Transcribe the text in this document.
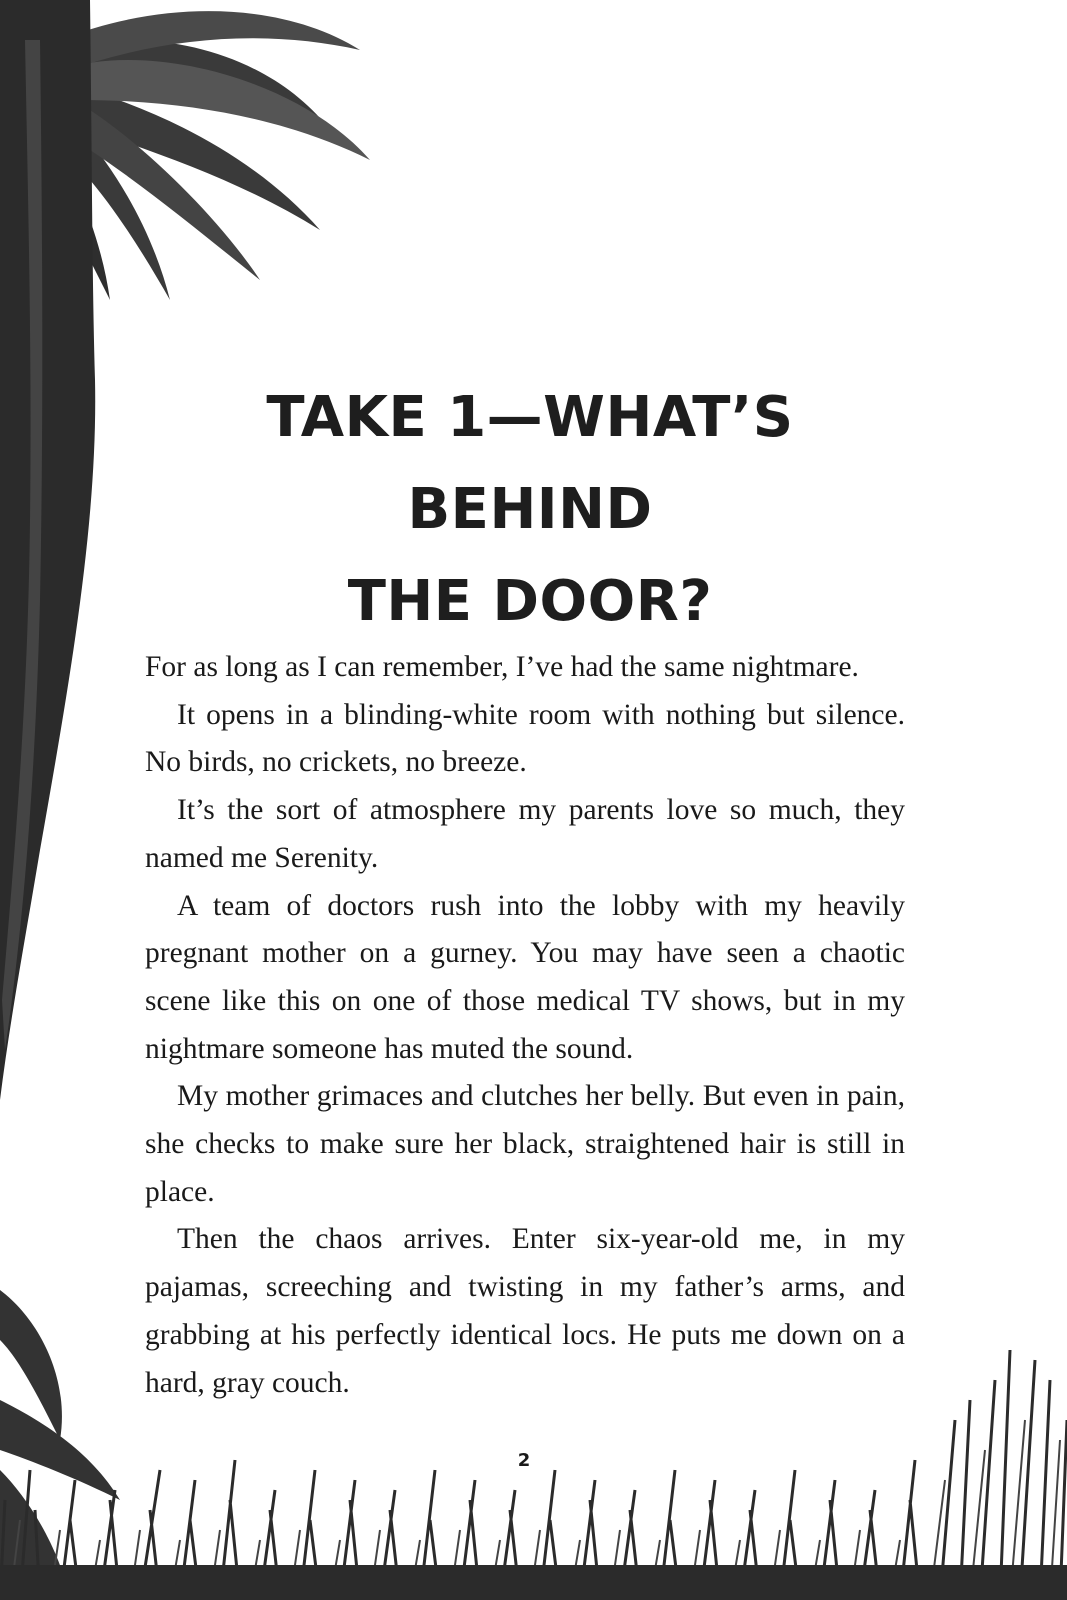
TAKE 1—WHAT’S BEHIND
THE DOOR?

For as long as I can remember, I’ve had the same nightmare.

It opens in a blinding-white room with nothing but silence. No birds, no crickets, no breeze.

It’s the sort of atmosphere my parents love so much, they named me Serenity.

A team of doctors rush into the lobby with my heavily pregnant mother on a gurney. You may have seen a chaotic scene like this on one of those medical TV shows, but in my nightmare someone has muted the sound.

My mother grimaces and clutches her belly. But even in pain, she checks to make sure her black, straightened hair is still in place.

Then the chaos arrives. Enter six-year-old me, in my pajamas, screeching and twisting in my father’s arms, and grabbing at his perfectly identical locs. He puts me down on a hard, gray couch.

2
